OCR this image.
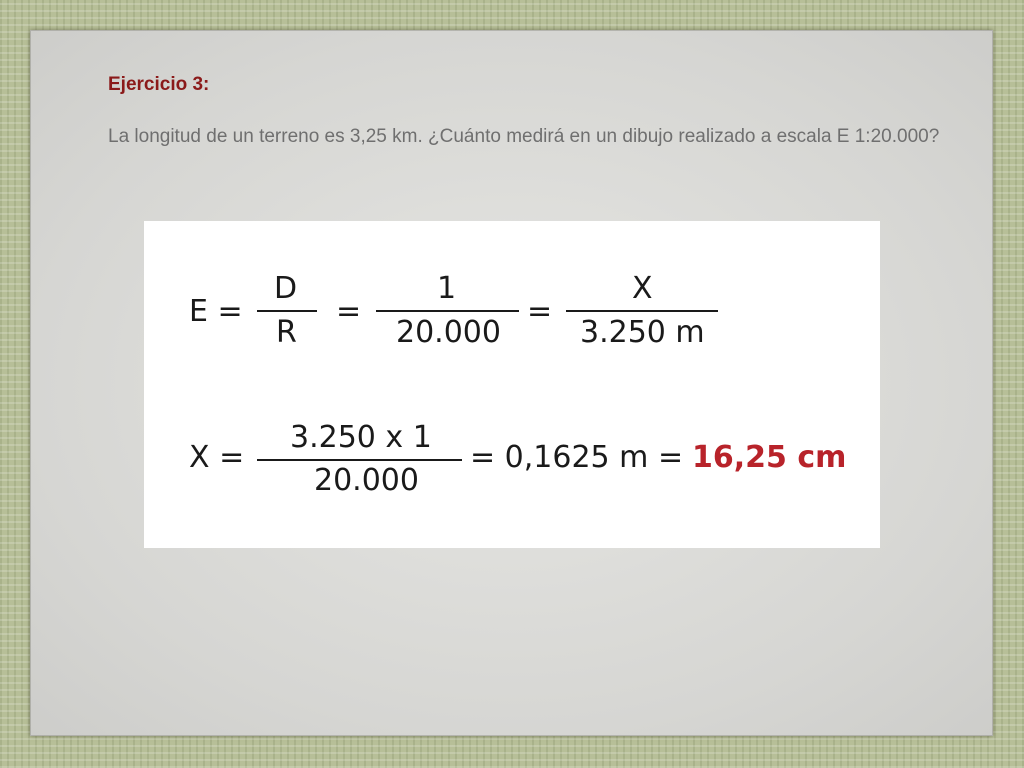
Ejercicio 3:

La longitud de un terreno es 3,25 km. ¿Cuánto medirá en un dibujo realizado a escala E 1:20.000?

E =
D
R
=
1
20.000
=
X
3.250 m
X =
3.250 x 1
20.000
= 0,1625 m = 16,25 cm
